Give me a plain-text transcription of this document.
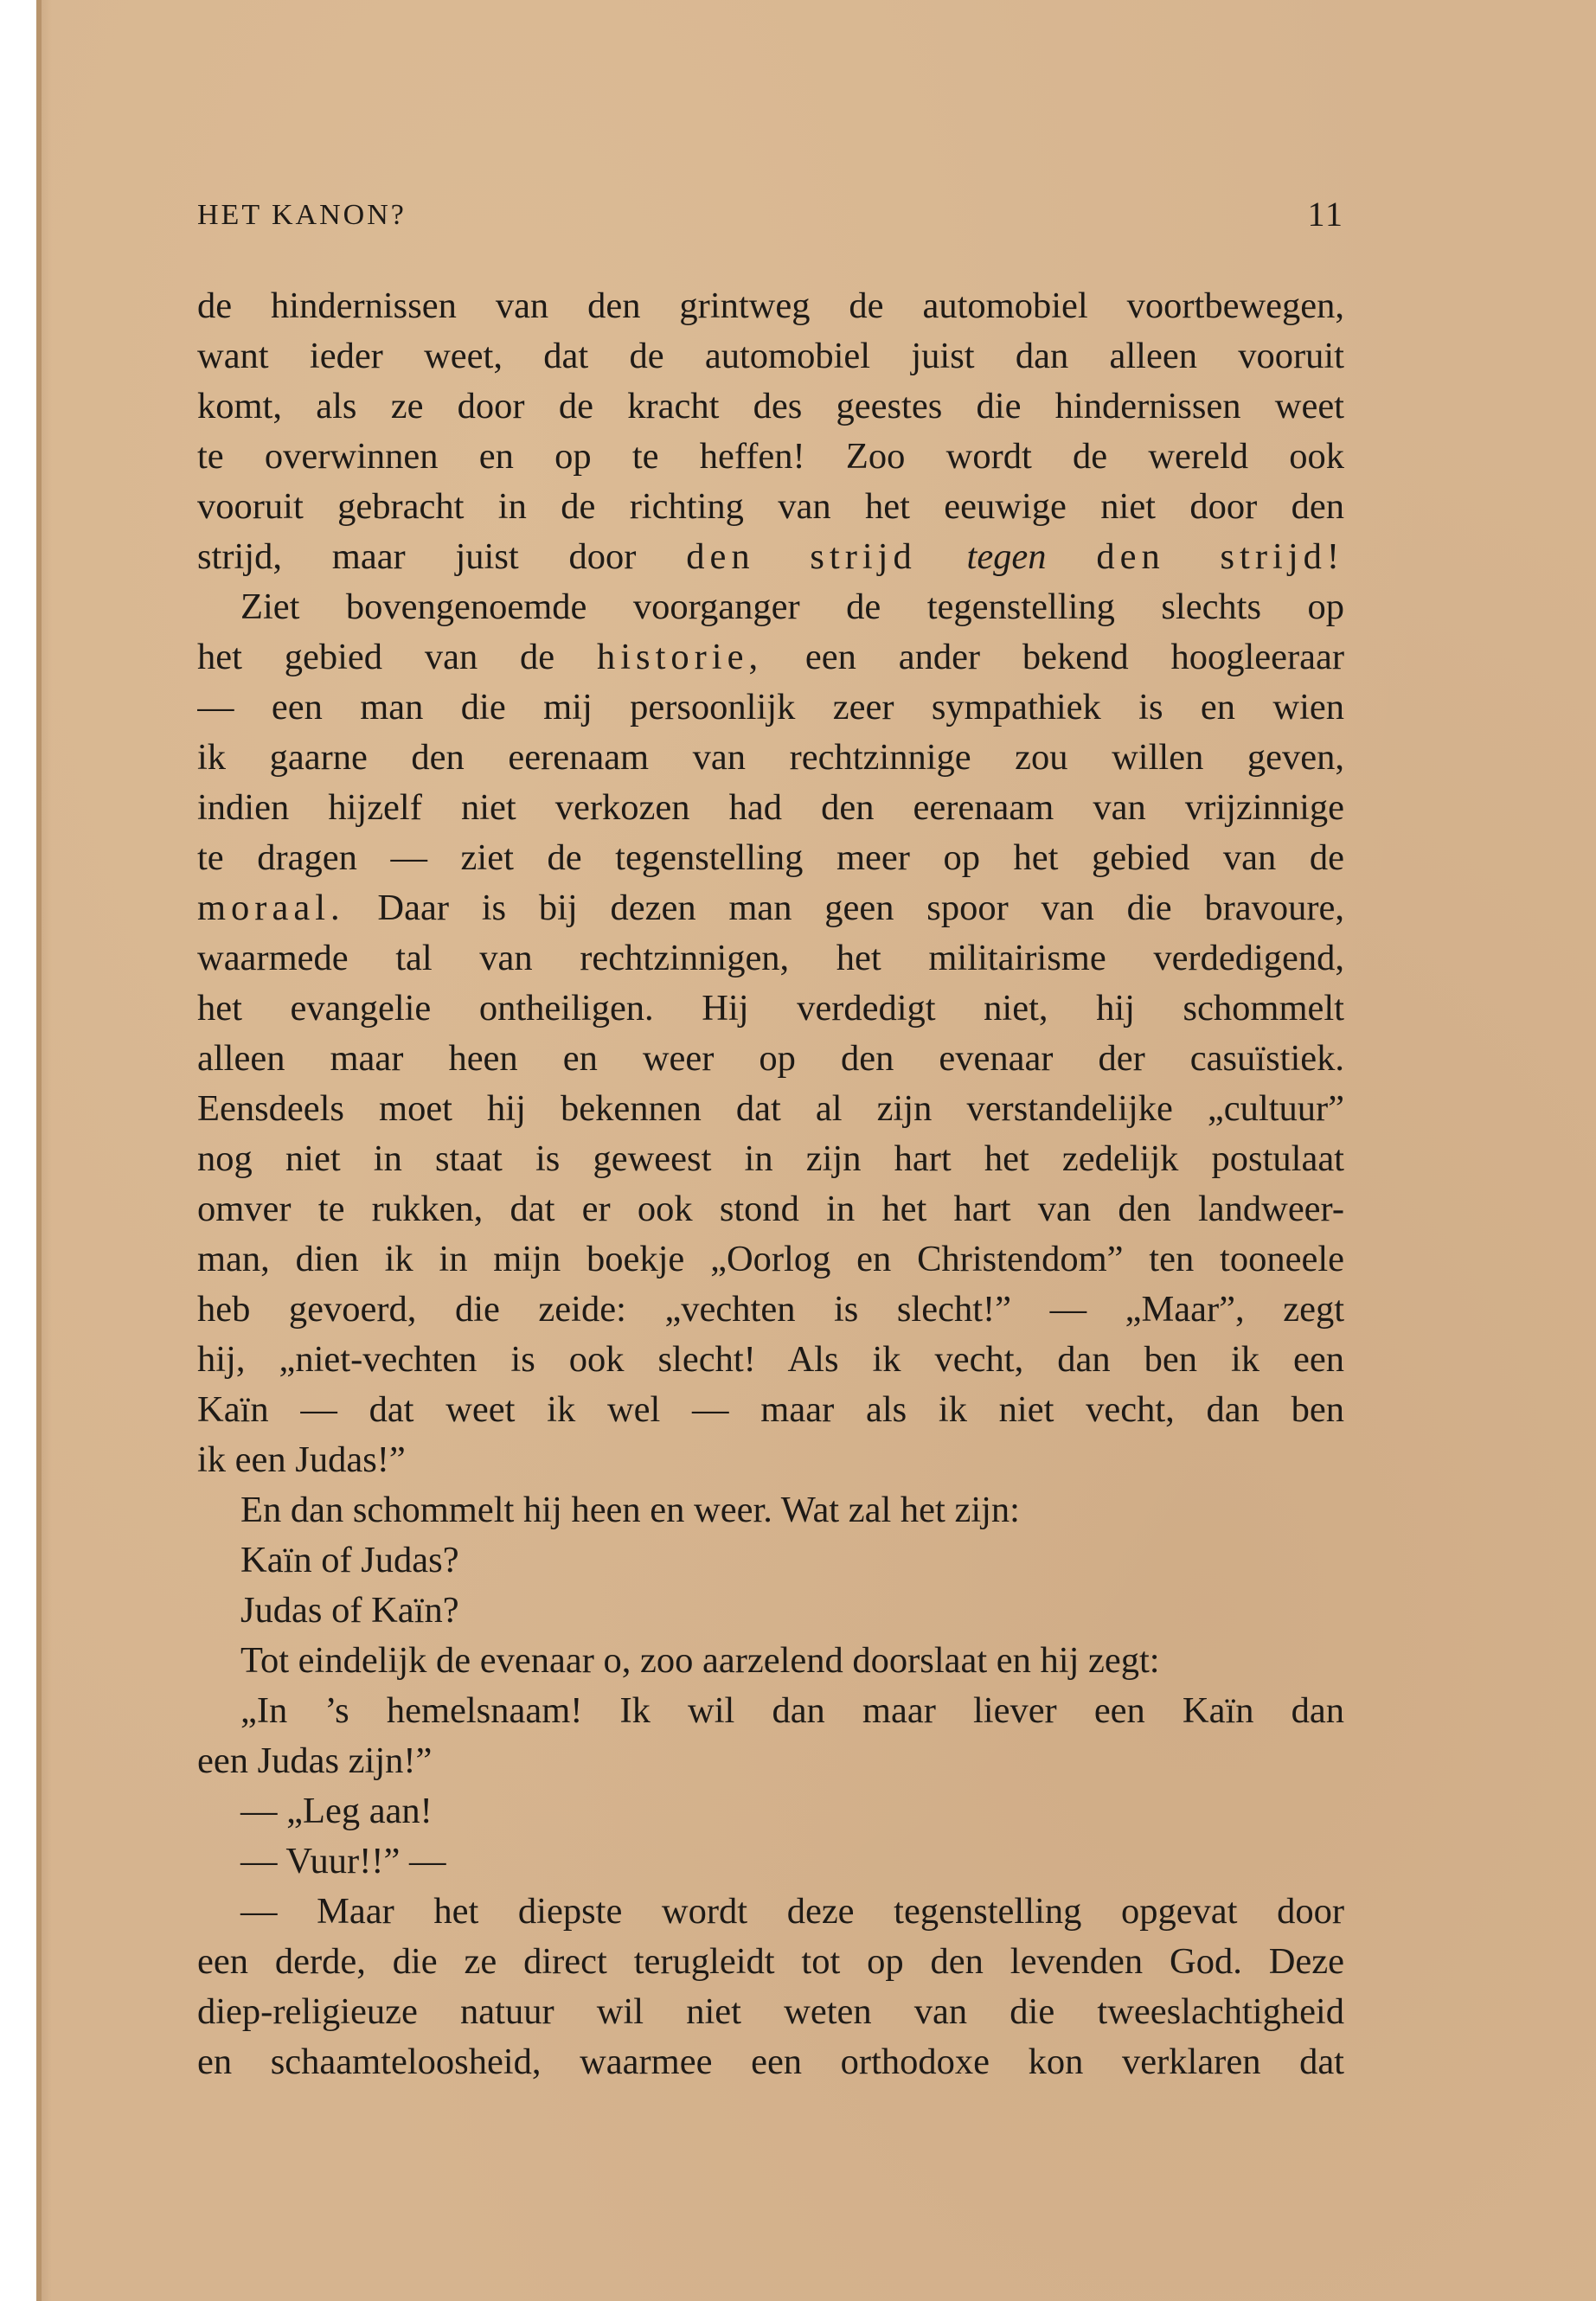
HET KANON?	11
de hindernissen van den grintweg de automobiel voortbewegen,
want ieder weet, dat de automobiel juist dan alleen vooruit
komt, als ze door de kracht des geestes die hindernissen weet
te overwinnen en op te heffen! Zoo wordt de wereld ook
vooruit gebracht in de richting van het eeuwige niet door den
strijd, maar juist door den strijd tegen den strijd!
Ziet bovengenoemde voorganger de tegenstelling slechts op
het gebied van de historie, een ander bekend hoogleeraar
— een man die mij persoonlijk zeer sympathiek is en wien
ik gaarne den eerenaam van rechtzinnige zou willen geven,
indien hijzelf niet verkozen had den eerenaam van vrijzinnige
te dragen — ziet de tegenstelling meer op het gebied van de
moraal. Daar is bij dezen man geen spoor van die bravoure,
waarmede tal van rechtzinnigen, het militairisme verdedigend,
het evangelie ontheiligen. Hij verdedigt niet, hij schommelt
alleen maar heen en weer op den evenaar der casuïstiek.
Eensdeels moet hij bekennen dat al zijn verstandelijke „cultuur”
nog niet in staat is geweest in zijn hart het zedelijk postulaat
omver te rukken, dat er ook stond in het hart van den landweer-
man, dien ik in mijn boekje „Oorlog en Christendom” ten tooneele
heb gevoerd, die zeide: „vechten is slecht!” — „Maar”, zegt
hij, „niet-vechten is ook slecht! Als ik vecht, dan ben ik een
Kaïn — dat weet ik wel — maar als ik niet vecht, dan ben
ik een Judas!”
En dan schommelt hij heen en weer. Wat zal het zijn:
Kaïn of Judas?
Judas of Kaïn?
Tot eindelijk de evenaar o, zoo aarzelend doorslaat en hij zegt:
„In ’s hemelsnaam! Ik wil dan maar liever een Kaïn dan
een Judas zijn!”
— „Leg aan!
— Vuur!!” —
— Maar het diepste wordt deze tegenstelling opgevat door
een derde, die ze direct terugleidt tot op den levenden God. Deze
diep-religieuze natuur wil niet weten van die tweeslachtigheid
en schaamteloosheid, waarmee een orthodoxe kon verklaren dat
